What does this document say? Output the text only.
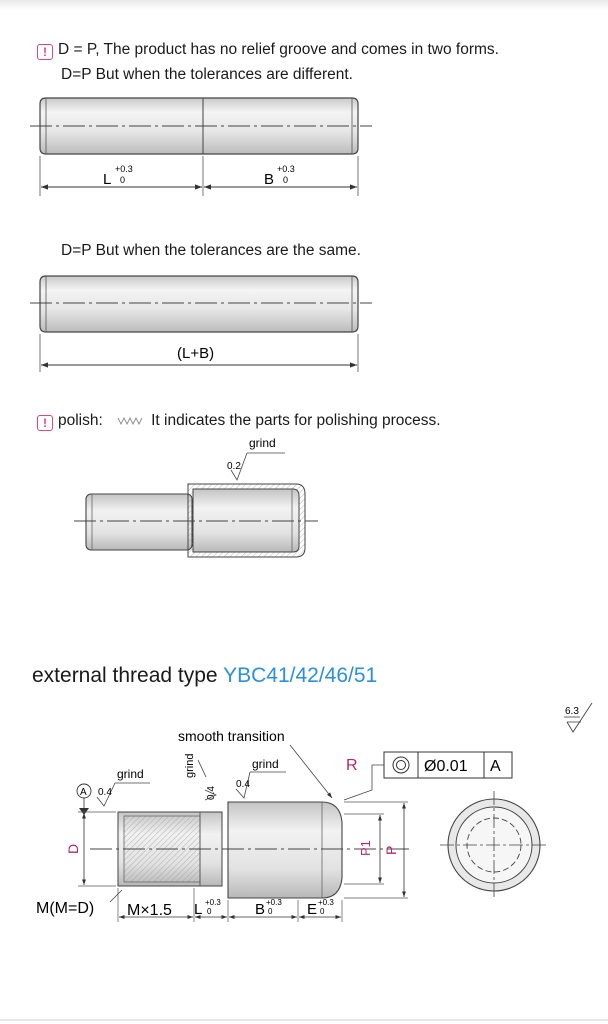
! D = P, The product has no relief groove and comes in two forms.
D=P But when the tolerances are different.
L
+0.3
0	B
+0.3
0
D=P But when the tolerances are the same.
(L+B)
! polish:	It indicates the parts for polishing process.
grind
0.2
external thread type YBC41/42/46/51
6.3
smooth transition
grind
0.4
grind
0.4
grind
0.4
A
R	Ø0.01 A
D	P1 P
M(M=D) M×1.5 L +0.3
0	B +0.3
0 E +0.3
0
